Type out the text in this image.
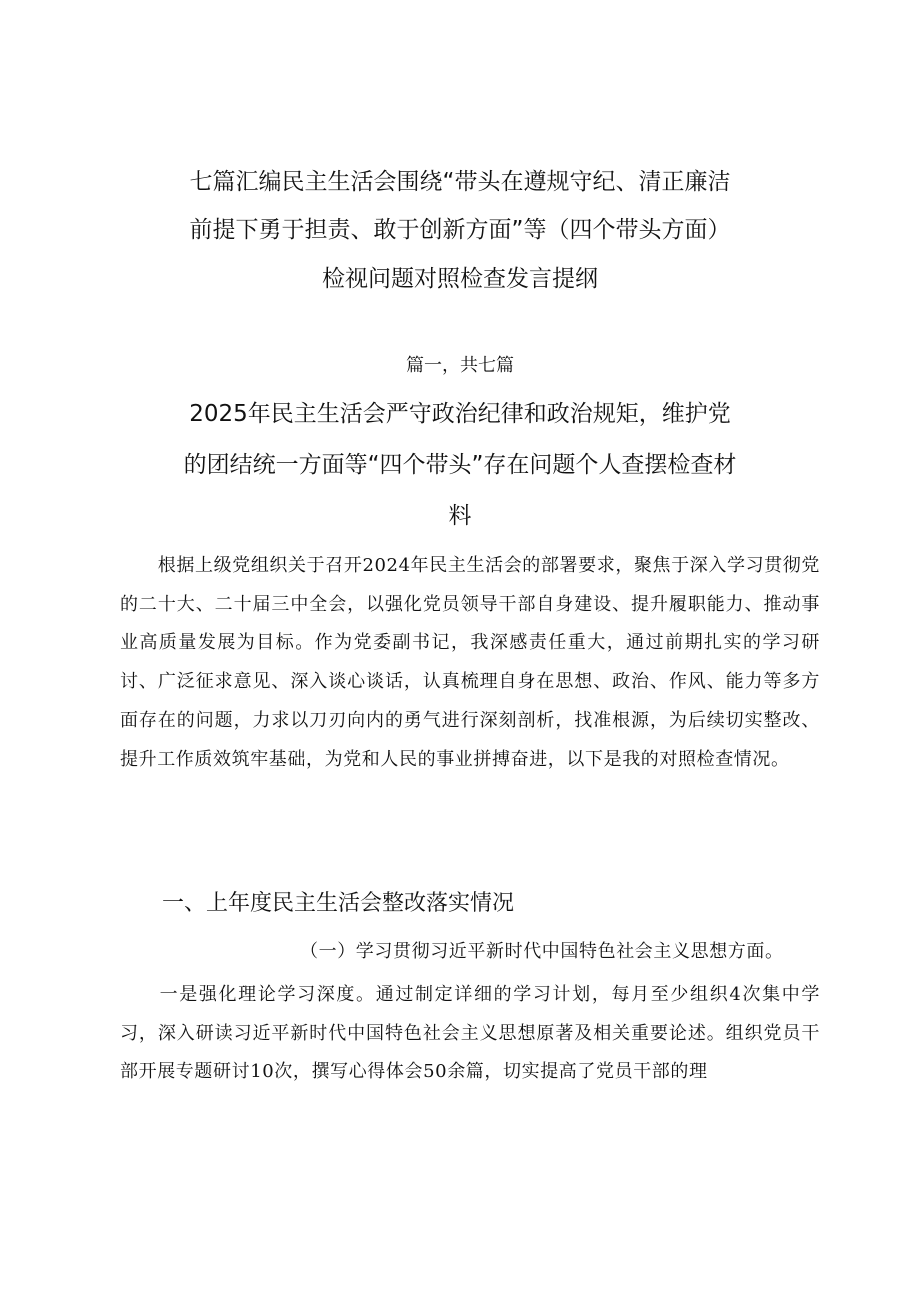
七篇汇编民主生活会围绕“带头在遵规守纪、清正廉洁
前提下勇于担责、敢于创新方面”等（四个带头方面）
检视问题对照检查发言提纲
篇一，共七篇
2025年民主生活会严守政治纪律和政治规矩，维护党
的团结统一方面等“四个带头”存在问题个人查摆检查材
料

根据上级党组织关于召开2024年民主生活会的部署要求，聚焦于深入学习贯彻党的二十大、二十届三中全会，以强化党员领导干部自身建设、提升履职能力、推动事业高质量发展为目标。作为党委副书记，我深感责任重大，通过前期扎实的学习研讨、广泛征求意见、深入谈心谈话，认真梳理自身在思想、政治、作风、能力等多方面存在的问题，力求以刀刃向内的勇气进行深刻剖析，找准根源，为后续切实整改、提升工作质效筑牢基础，为党和人民的事业拼搏奋进，以下是我的对照检查情况。

一、上年度民主生活会整改落实情况
（一）学习贯彻习近平新时代中国特色社会主义思想方面。

一是强化理论学习深度。通过制定详细的学习计划，每月至少组织4次集中学习，深入研读习近平新时代中国特色社会主义思想原著及相关重要论述。组织党员干部开展专题研讨10次，撰写心得体会50余篇，切实提高了党员干部的理
